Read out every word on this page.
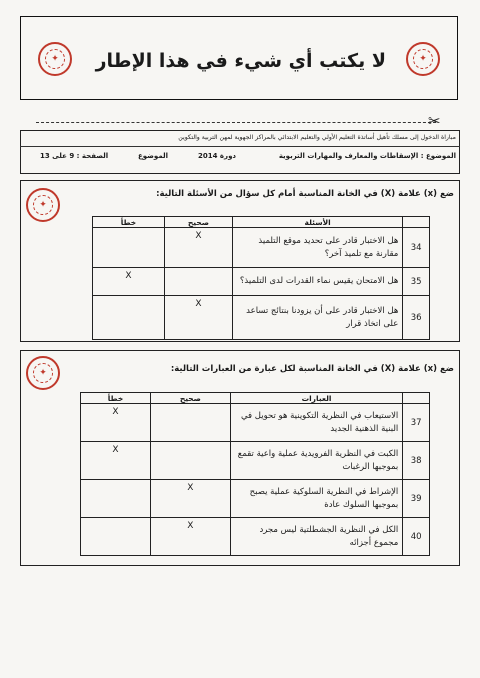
✦	✦
لا يكتب أي شيء في هذا الإطار
✂
مباراة الدخول إلى مسلك تأهيل أساتذة التعليم الأولي والتعليم الابتدائي بالمراكز الجهوية لمهن التربية والتكوين
الموضوع : الإسقاطات والمعارف والمهارات التربوية
دورة 2014
الموضوع
الصفحة : 9 على 13
✦
ضع (x) علامة (X) في الخانة المناسبة أمام كل سؤال من الأسئلة التالية:
	الأسئلة	صحيح	خطأ
34	هل الاختبار قادر على تحديد موقع التلميذ مقارنة مع تلميذ آخر؟	X	
35	هل الامتحان يقيس نماء القدرات لدى التلميذ؟		X
36	هل الاختبار قادر على أن يزودنا بنتائج تساعد على اتخاذ قرار	X	
✦	ضع (x) علامة (X) في الخانة المناسبة لكل عبارة من العبارات التالية:
	العبارات	صحيح	خطأ
37	الاستيعاب في النظرية التكوينية هو تحويل في البنية الذهنية الجديد		X
38	الكبت في النظرية الفرويدية عملية واعية تقمع بموجبها الرغبات		X
39	الإشراط في النظرية السلوكية عملية يصبح بموجبها السلوك عادة	X	
40	الكل في النظرية الجشطلتية ليس مجرد مجموع أجزائه	X	
